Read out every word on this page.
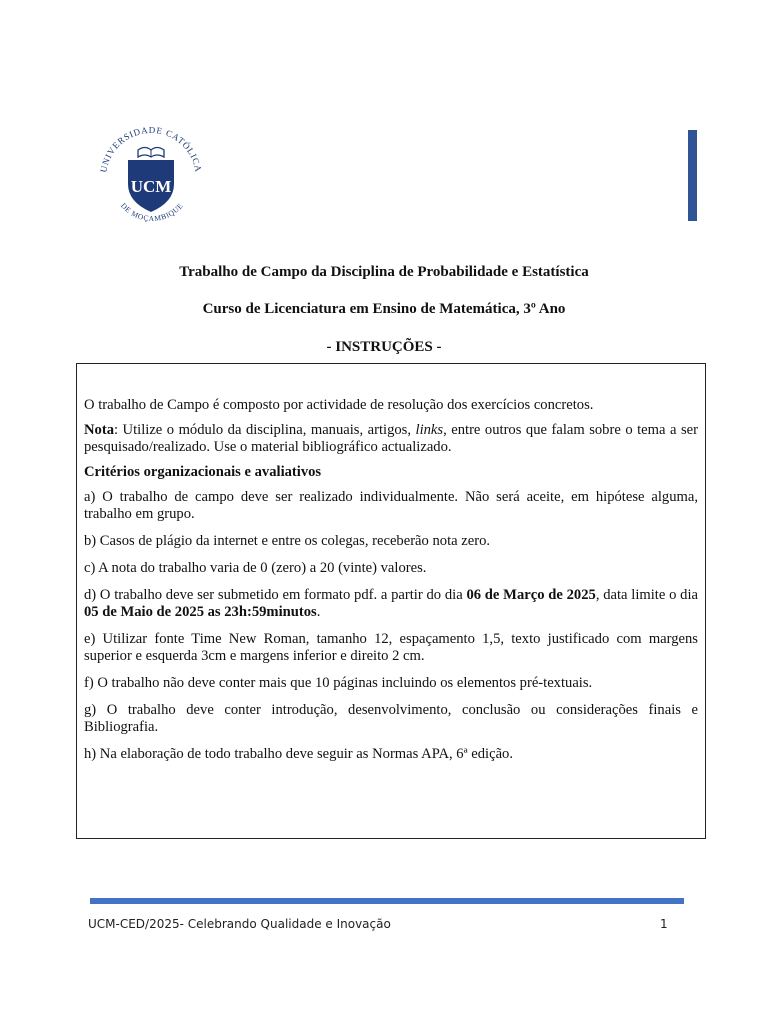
UNIVERSIDADE CATÓLICA
DE MOÇAMBIQUE
UCM
Trabalho de Campo da Disciplina de Probabilidade e Estatística
Curso de Licenciatura em Ensino de Matemática, 3º Ano
- INSTRUÇÕES -

O trabalho de Campo é composto por actividade de resolução dos exercícios concretos.

Nota: Utilize o módulo da disciplina, manuais, artigos, links, entre outros que falam sobre o tema a ser pesquisado/realizado. Use o material bibliográfico actualizado.

Critérios organizacionais e avaliativos

a) O trabalho de campo deve ser realizado individualmente. Não será aceite, em hipótese alguma, trabalho em grupo.

b) Casos de plágio da internet e entre os colegas, receberão nota zero.

c) A nota do trabalho varia de 0 (zero) a 20 (vinte) valores.

d) O trabalho deve ser submetido em formato pdf. a partir do dia 06 de Março de 2025, data limite o dia 05 de Maio de 2025 as 23h:59minutos.

e) Utilizar fonte Time New Roman, tamanho 12, espaçamento 1,5, texto justificado com margens superior e esquerda 3cm e margens inferior e direito 2 cm.

f) O trabalho não deve conter mais que 10 páginas incluindo os elementos pré-textuais.

g) O trabalho deve conter introdução, desenvolvimento, conclusão ou considerações finais e Bibliografia.

h) Na elaboração de todo trabalho deve seguir as Normas APA, 6ª edição.

UCM-CED/2025- Celebrando Qualidade e Inovação	1
